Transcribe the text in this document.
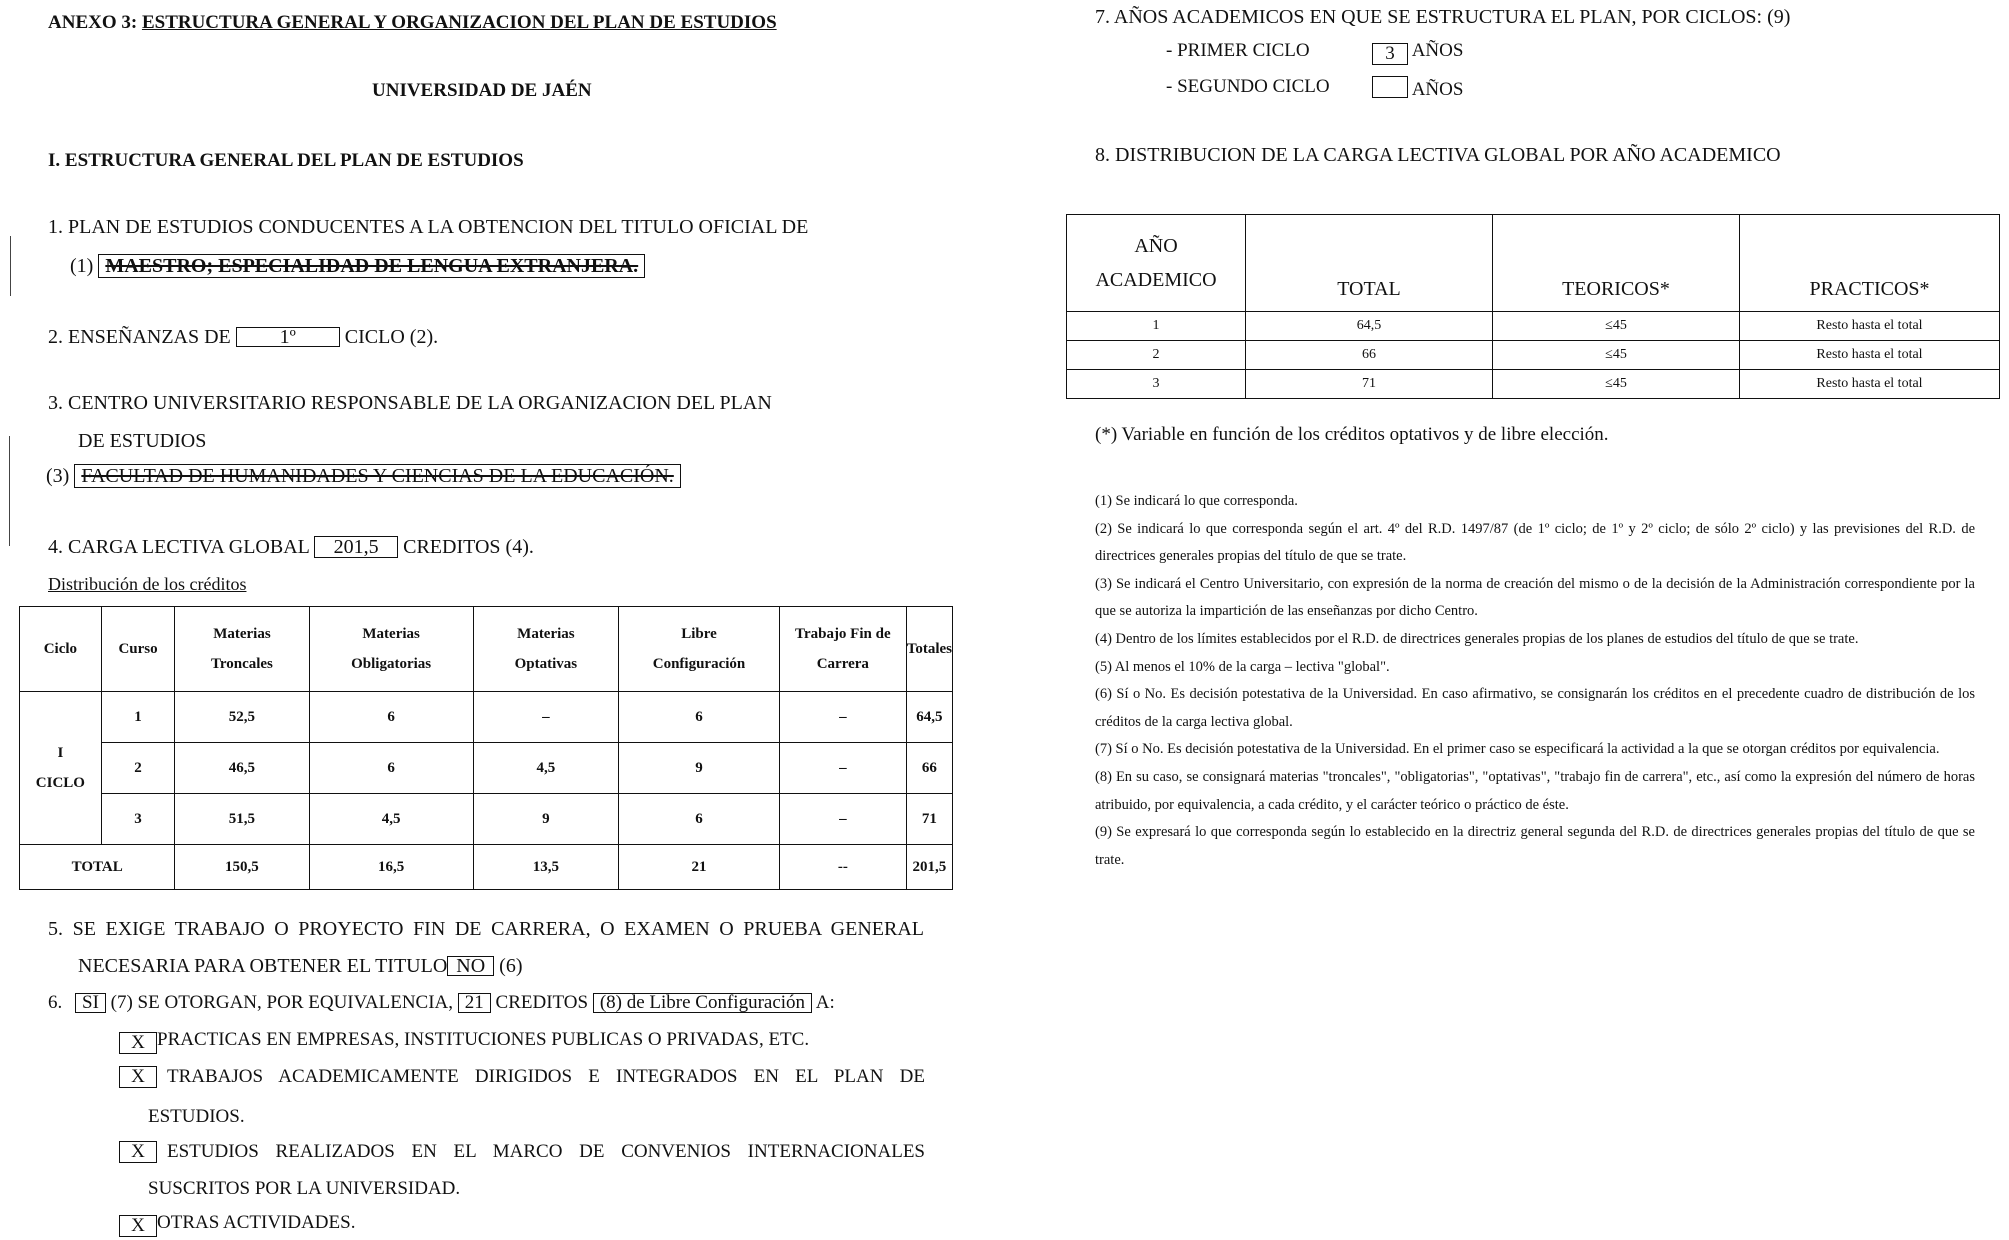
ANEXO 3: ESTRUCTURA GENERAL Y ORGANIZACION DEL PLAN DE ESTUDIOS
UNIVERSIDAD DE JAÉN
I. ESTRUCTURA GENERAL DEL PLAN DE ESTUDIOS
1. PLAN DE ESTUDIOS CONDUCENTES A LA OBTENCION DEL TITULO OFICIAL DE
(1) MAESTRO; ESPECIALIDAD DE LENGUA EXTRANJERA.
2. ENSEÑANZAS DE 1º CICLO (2).
3. CENTRO UNIVERSITARIO RESPONSABLE DE LA ORGANIZACION DEL PLAN
DE ESTUDIOS
(3) FACULTAD DE HUMANIDADES Y CIENCIAS DE LA EDUCACIÓN.
4. CARGA LECTIVA GLOBAL 201,5 CREDITOS (4).
Distribución de los créditos
Ciclo	Curso	Materias Troncales	Materias Obligatorias	Materias Optativas	Libre Configuración	Trabajo Fin de Carrera	Totales
I CICLO	1	52,5	6	–	6	–	64,5
	2	46,5	6	4,5	9	–	66
	3	51,5	4,5	9	6	–	71
TOTAL		150,5	16,5	13,5	21	--	201,5
5. SE EXIGE TRABAJO O PROYECTO FIN DE CARRERA, O EXAMEN O PRUEBA GENERAL
NECESARIA PARA OBTENER EL TITULO NO (6)
6. SI (7) SE OTORGAN, POR EQUIVALENCIA, 21 CREDITOS (8) de Libre Configuración A:
X PRACTICAS EN EMPRESAS, INSTITUCIONES PUBLICAS O PRIVADAS, ETC.
X	TRABAJOS ACADEMICAMENTE DIRIGIDOS E INTEGRADOS EN EL PLAN DE
ESTUDIOS.
X	ESTUDIOS REALIZADOS EN EL MARCO DE CONVENIOS INTERNACIONALES
SUSCRITOS POR LA UNIVERSIDAD.
X OTRAS ACTIVIDADES.
7. AÑOS ACADEMICOS EN QUE SE ESTRUCTURA EL PLAN, POR CICLOS: (9)
- PRIMER CICLO	3 AÑOS
- SEGUNDO CICLO	AÑOS
8. DISTRIBUCION DE LA CARGA LECTIVA GLOBAL POR AÑO ACADEMICO
AÑO
ACADEMICO	TOTAL	TEORICOS*	PRACTICOS*
1	64,5	≤45	Resto hasta el total
2	66	≤45	Resto hasta el total
3	71	≤45	Resto hasta el total
(*) Variable en función de los créditos optativos y de libre elección.

(1) Se indicará lo que corresponda.

(2) Se indicará lo que corresponda según el art. 4º del R.D. 1497/87 (de 1º ciclo; de 1º y 2º ciclo; de sólo 2º ciclo) y las previsiones del R.D. de directrices generales propias del título de que se trate.

(3) Se indicará el Centro Universitario, con expresión de la norma de creación del mismo o de la decisión de la Administración correspondiente por la que se autoriza la impartición de las enseñanzas por dicho Centro.

(4) Dentro de los límites establecidos por el R.D. de directrices generales propias de los planes de estudios del título de que se trate.

(5) Al menos el 10% de la carga – lectiva "global".

(6) Sí o No. Es decisión potestativa de la Universidad. En caso afirmativo, se consignarán los créditos en el precedente cuadro de distribución de los créditos de la carga lectiva global.

(7) Sí o No. Es decisión potestativa de la Universidad. En el primer caso se especificará la actividad a la que se otorgan créditos por equivalencia.

(8) En su caso, se consignará materias "troncales", "obligatorias", "optativas", "trabajo fin de carrera", etc., así como la expresión del número de horas atribuido, por equivalencia, a cada crédito, y el carácter teórico o práctico de éste.

(9) Se expresará lo que corresponda según lo establecido en la directriz general segunda del R.D. de directrices generales propias del título de que se trate.
